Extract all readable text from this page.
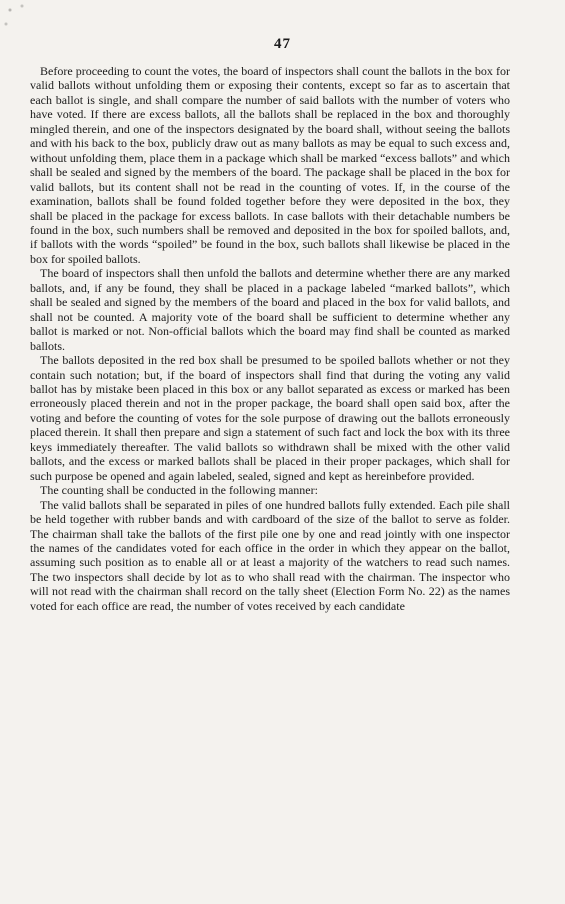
47

Before proceeding to count the votes, the board of inspectors shall count the ballots in the box for valid ballots without unfolding them or exposing their contents, except so far as to ascertain that each ballot is single, and shall compare the number of said ballots with the number of voters who have voted. If there are excess ballots, all the ballots shall be replaced in the box and thoroughly mingled therein, and one of the inspectors designated by the board shall, without seeing the ballots and with his back to the box, publicly draw out as many ballots as may be equal to such excess and, without unfolding them, place them in a package which shall be marked “excess ballots” and which shall be sealed and signed by the members of the board. The package shall be placed in the box for valid ballots, but its content shall not be read in the counting of votes. If, in the course of the examination, ballots shall be found folded together before they were deposited in the box, they shall be placed in the package for excess ballots. In case ballots with their detachable numbers be found in the box, such numbers shall be removed and deposited in the box for spoiled ballots, and, if ballots with the words “spoiled” be found in the box, such ballots shall likewise be placed in the box for spoiled ballots.

The board of inspectors shall then unfold the ballots and determine whether there are any marked ballots, and, if any be found, they shall be placed in a package labeled “marked ballots”, which shall be sealed and signed by the members of the board and placed in the box for valid ballots, and shall not be counted. A majority vote of the board shall be sufficient to determine whether any ballot is marked or not. Non-official ballots which the board may find shall be counted as marked ballots.

The ballots deposited in the red box shall be presumed to be spoiled ballots whether or not they contain such notation; but, if the board of inspectors shall find that during the voting any valid ballot has by mistake been placed in this box or any ballot separated as excess or marked has been erroneously placed therein and not in the proper package, the board shall open said box, after the voting and before the counting of votes for the sole purpose of drawing out the ballots erroneously placed therein. It shall then prepare and sign a statement of such fact and lock the box with its three keys immediately thereafter. The valid ballots so withdrawn shall be mixed with the other valid ballots, and the excess or marked ballots shall be placed in their proper packages, which shall for such purpose be opened and again labeled, sealed, signed and kept as hereinbefore provided.

The counting shall be conducted in the following manner:

The valid ballots shall be separated in piles of one hundred ballots fully extended. Each pile shall be held together with rubber bands and with cardboard of the size of the ballot to serve as folder. The chairman shall take the ballots of the first pile one by one and read jointly with one inspector the names of the candidates voted for each office in the order in which they appear on the ballot, assuming such position as to enable all or at least a majority of the watchers to read such names. The two inspectors shall decide by lot as to who shall read with the chairman. The inspector who will not read with the chairman shall record on the tally sheet (Election Form No. 22) as the names voted for each office are read, the number of votes received by each candidate
